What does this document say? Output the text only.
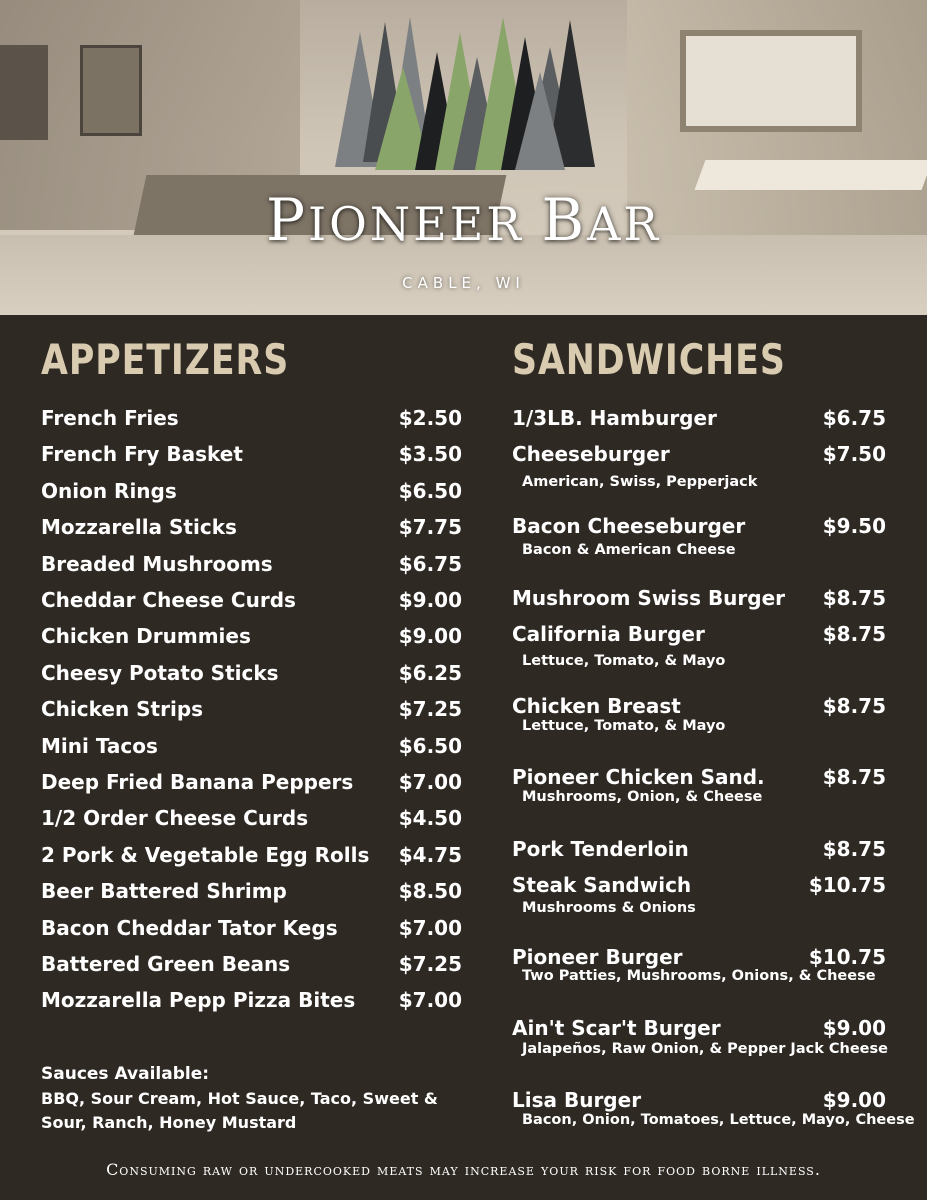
PIONEER BAR
CABLE, WI
APPETIZERS
French Fries	$2.50
French Fry Basket	$3.50
Onion Rings	$6.50
Mozzarella Sticks	$7.75
Breaded Mushrooms	$6.75
Cheddar Cheese Curds	$9.00
Chicken Drummies	$9.00
Cheesy Potato Sticks	$6.25
Chicken Strips	$7.25
Mini Tacos	$6.50
Deep Fried Banana Peppers	$7.00
1/2 Order Cheese Curds	$4.50
2 Pork & Vegetable Egg Rolls	$4.75
Beer Battered Shrimp	$8.50
Bacon Cheddar Tator Kegs	$7.00
Battered Green Beans	$7.25
Mozzarella Pepp Pizza Bites	$7.00
Sauces Available:
BBQ, Sour Cream, Hot Sauce, Taco, Sweet & Sour, Ranch, Honey Mustard
SANDWICHES
1/3LB. Hamburger	$6.75
Cheeseburger	$7.50
American, Swiss, Pepperjack
Bacon Cheeseburger	$9.50
Bacon & American Cheese
Mushroom Swiss Burger	$8.75
California Burger	$8.75
Lettuce, Tomato, & Mayo
Chicken Breast	$8.75
Lettuce, Tomato, & Mayo
Pioneer Chicken Sand.	$8.75
Mushrooms, Onion, & Cheese
Pork Tenderloin	$8.75
Steak Sandwich	$10.75
Mushrooms & Onions
Pioneer Burger	$10.75
Two Patties, Mushrooms, Onions, & Cheese
Ain't Scar't Burger	$9.00
Jalapeños, Raw Onion, & Pepper Jack Cheese
Lisa Burger	$9.00
Bacon, Onion, Tomatoes, Lettuce, Mayo, Cheese
Consuming raw or undercooked meats may increase your risk for food borne illness.
